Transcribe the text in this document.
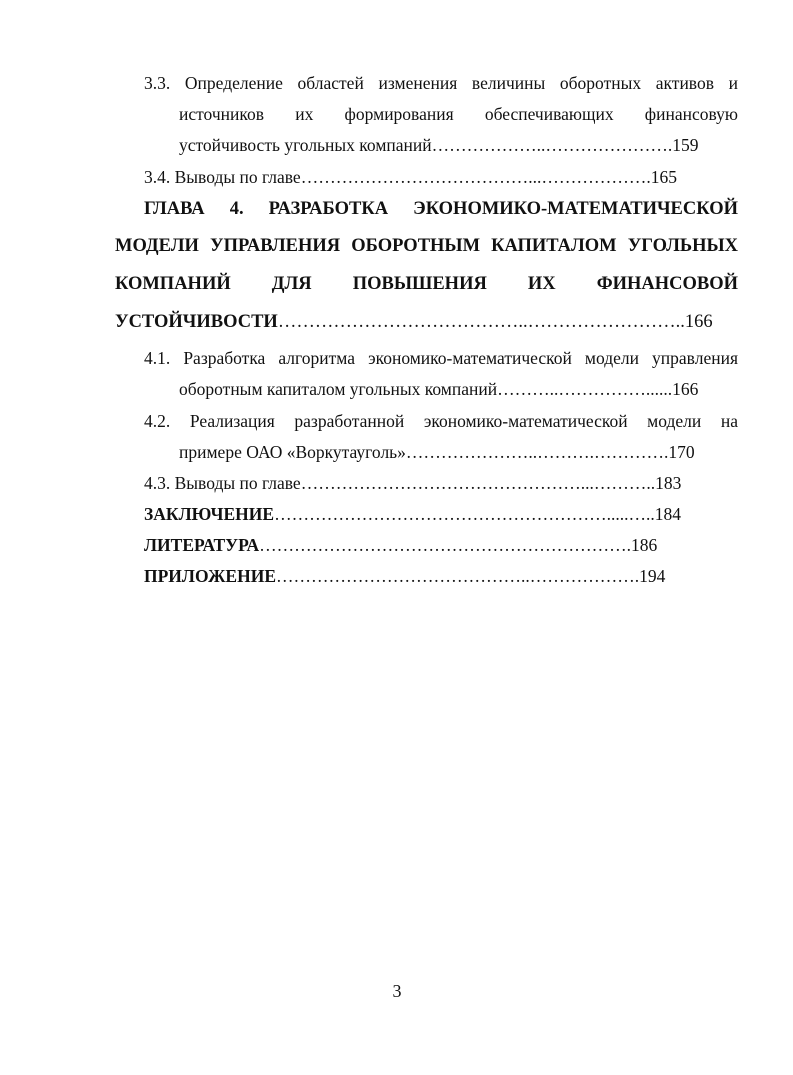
3.3. Определение областей изменения величины оборотных активов и
источников их формирования обеспечивающих финансовую
устойчивость угольных компаний………………..………………….159
3.4. Выводы по главе…………………………………...……………….165
ГЛАВА 4. РАЗРАБОТКА ЭКОНОМИКО-МАТЕМАТИЧЕСКОЙ
МОДЕЛИ УПРАВЛЕНИЯ ОБОРОТНЫМ КАПИТАЛОМ УГОЛЬНЫХ
КОМПАНИЙ ДЛЯ ПОВЫШЕНИЯ ИХ ФИНАНСОВОЙ
УСТОЙЧИВОСТИ…………………………………..……………………..166
4.1. Разработка алгоритма экономико-математической модели управления
оборотным капиталом угольных компаний………..……………......166
4.2. Реализация разработанной экономико-математической модели на
примере ОАО «Воркутауголь»…………………..……….………….170
4.3. Выводы по главе…………………………………………...………..183
ЗАКЛЮЧЕНИЕ………………………………………………….....…..184
ЛИТЕРАТУРА……………………………………………………….186
ПРИЛОЖЕНИЕ……………………………………..……………….194
3
